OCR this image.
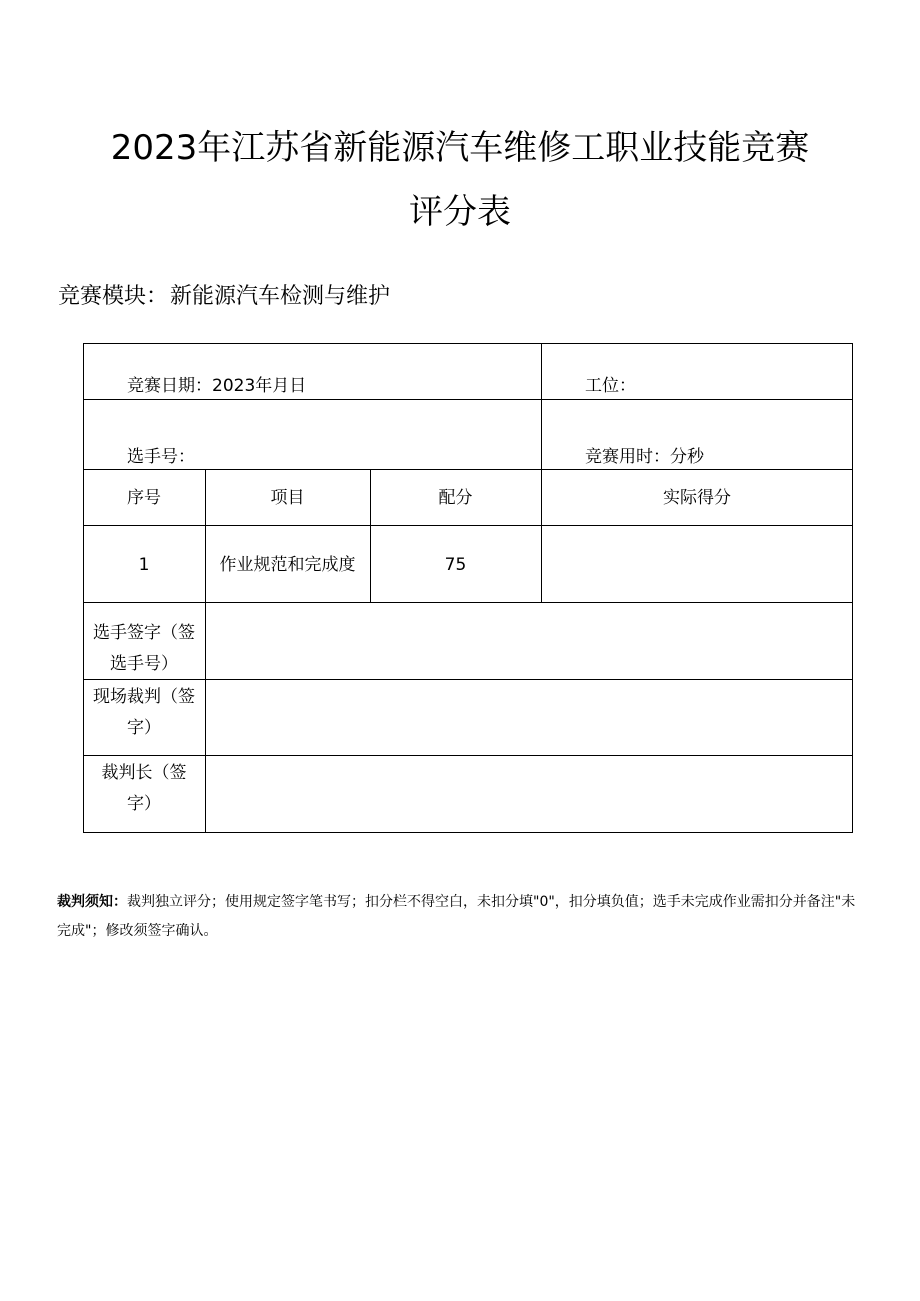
2023年江苏省新能源汽车维修工职业技能竞赛
评分表
竞赛模块：新能源汽车检测与维护
竞赛日期：2023年月日	工位：
选手号：	竞赛用时：分秒
序号	项目	配分	实际得分
1	作业规范和完成度	75
选手签字（签
选手号）
现场裁判（签
字）
裁判长（签
字）
裁判须知：裁判独立评分；使用规定签字笔书写；扣分栏不得空白，未扣分填"0"，扣分填负值；选手未完成作业需扣分并备注"未完成"；修改须签字确认。
